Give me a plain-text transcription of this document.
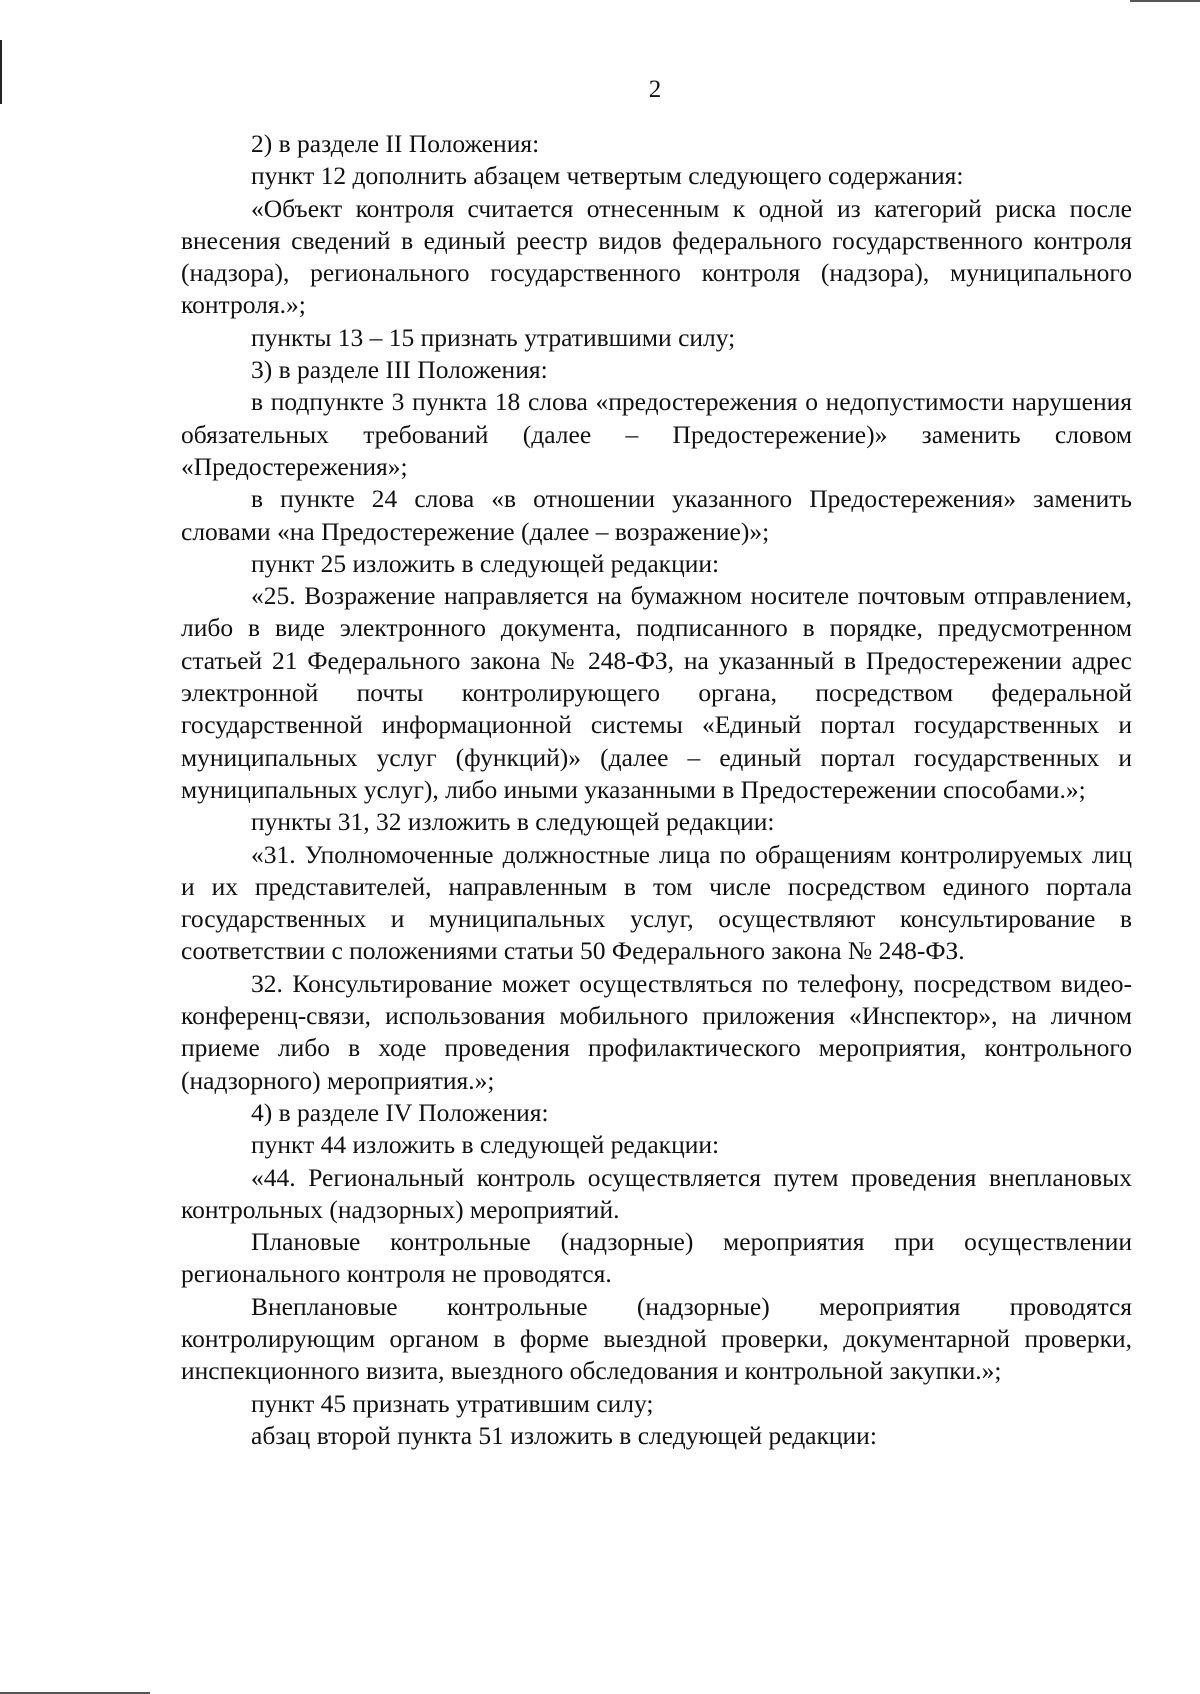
2

2) в разделе II Положения:

пункт 12 дополнить абзацем четвертым следующего содержания:

«Объект контроля считается отнесенным к одной из категорий риска после внесения сведений в единый реестр видов федерального государственного контроля (надзора), регионального государственного контроля (надзора), муниципального контроля.»;

пункты 13 – 15 признать утратившими силу;

3) в разделе III Положения:

в подпункте 3 пункта 18 слова «предостережения о недопустимости нарушения обязательных требований (далее – Предостережение)» заменить словом «Предостережения»;

в пункте 24 слова «в отношении указанного Предостережения» заменить словами «на Предостережение (далее – возражение)»;

пункт 25 изложить в следующей редакции:

«25. Возражение направляется на бумажном носителе почтовым отправлением, либо в виде электронного документа, подписанного в порядке, предусмотренном статьей 21 Федерального закона № 248-ФЗ, на указанный в Предостережении адрес электронной почты контролирующего органа, посредством федеральной государственной информационной системы «Единый портал государственных и муниципальных услуг (функций)» (далее – единый портал государственных и муниципальных услуг), либо иными указанными в Предостережении способами.»;

пункты 31, 32 изложить в следующей редакции:

«31. Уполномоченные должностные лица по обращениям контролируемых лиц и их представителей, направленным в том числе посредством единого портала государственных и муниципальных услуг, осуществляют консультирование в соответствии с положениями статьи 50 Федерального закона № 248-ФЗ.

32. Консультирование может осуществляться по телефону, посредством видео-конференц-связи, использования мобильного приложения «Инспектор», на личном приеме либо в ходе проведения профилактического мероприятия, контрольного (надзорного) мероприятия.»;

4) в разделе IV Положения:

пункт 44 изложить в следующей редакции:

«44. Региональный контроль осуществляется путем проведения внеплановых контрольных (надзорных) мероприятий.

Плановые контрольные (надзорные) мероприятия при осуществлении регионального контроля не проводятся.

Внеплановые контрольные (надзорные) мероприятия проводятся контролирующим органом в форме выездной проверки, документарной проверки, инспекционного визита, выездного обследования и контрольной закупки.»;

пункт 45 признать утратившим силу;

абзац второй пункта 51 изложить в следующей редакции:
